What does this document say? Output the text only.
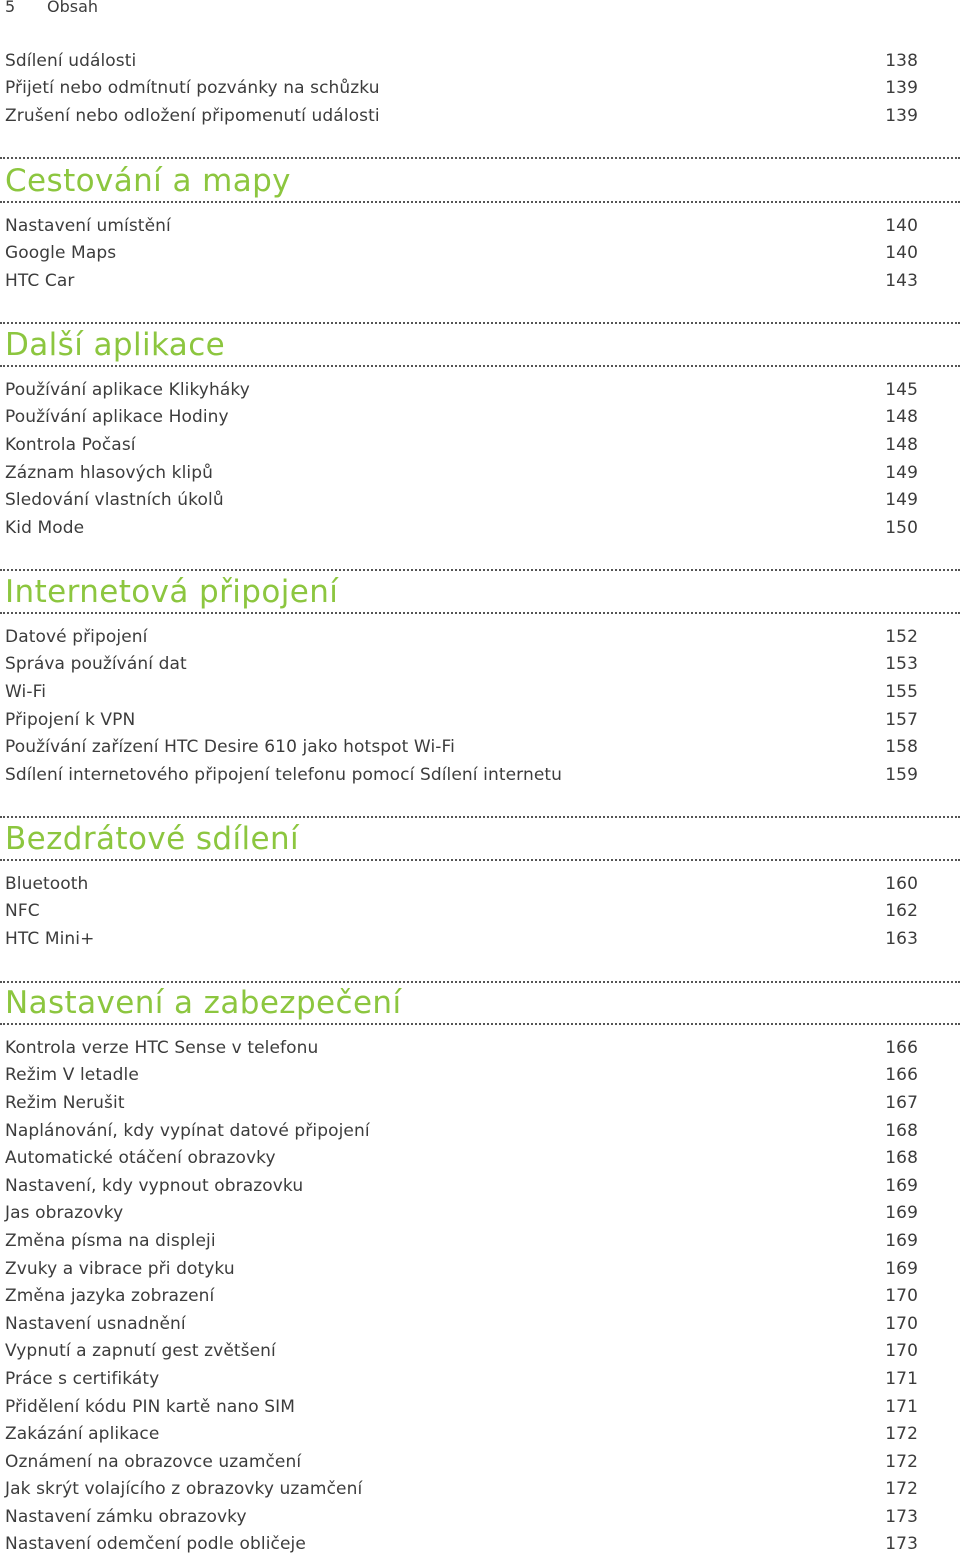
5 Obsah
Sdílení události	138
Přijetí nebo odmítnutí pozvánky na schůzku	139
Zrušení nebo odložení připomenutí události	139
Cestování a mapy
Nastavení umístění	140
Google Maps	140
HTC Car	143
Další aplikace
Používání aplikace Klikyháky	145
Používání aplikace Hodiny	148
Kontrola Počasí	148
Záznam hlasových klipů	149
Sledování vlastních úkolů	149
Kid Mode	150
Internetová připojení
Datové připojení	152
Správa používání dat	153
Wi-Fi	155
Připojení k VPN	157
Používání zařízení HTC Desire 610 jako hotspot Wi-Fi	158
Sdílení internetového připojení telefonu pomocí Sdílení internetu	159
Bezdrátové sdílení
Bluetooth	160
NFC	162
HTC Mini+	163
Nastavení a zabezpečení
Kontrola verze HTC Sense v telefonu	166
Režim V letadle	166
Režim Nerušit	167
Naplánování, kdy vypínat datové připojení	168
Automatické otáčení obrazovky	168
Nastavení, kdy vypnout obrazovku	169
Jas obrazovky	169
Změna písma na displeji	169
Zvuky a vibrace při dotyku	169
Změna jazyka zobrazení	170
Nastavení usnadnění	170
Vypnutí a zapnutí gest zvětšení	170
Práce s certifikáty	171
Přidělení kódu PIN kartě nano SIM	171
Zakázání aplikace	172
Oznámení na obrazovce uzamčení	172
Jak skrýt volajícího z obrazovky uzamčení	172
Nastavení zámku obrazovky	173
Nastavení odemčení podle obličeje	173
